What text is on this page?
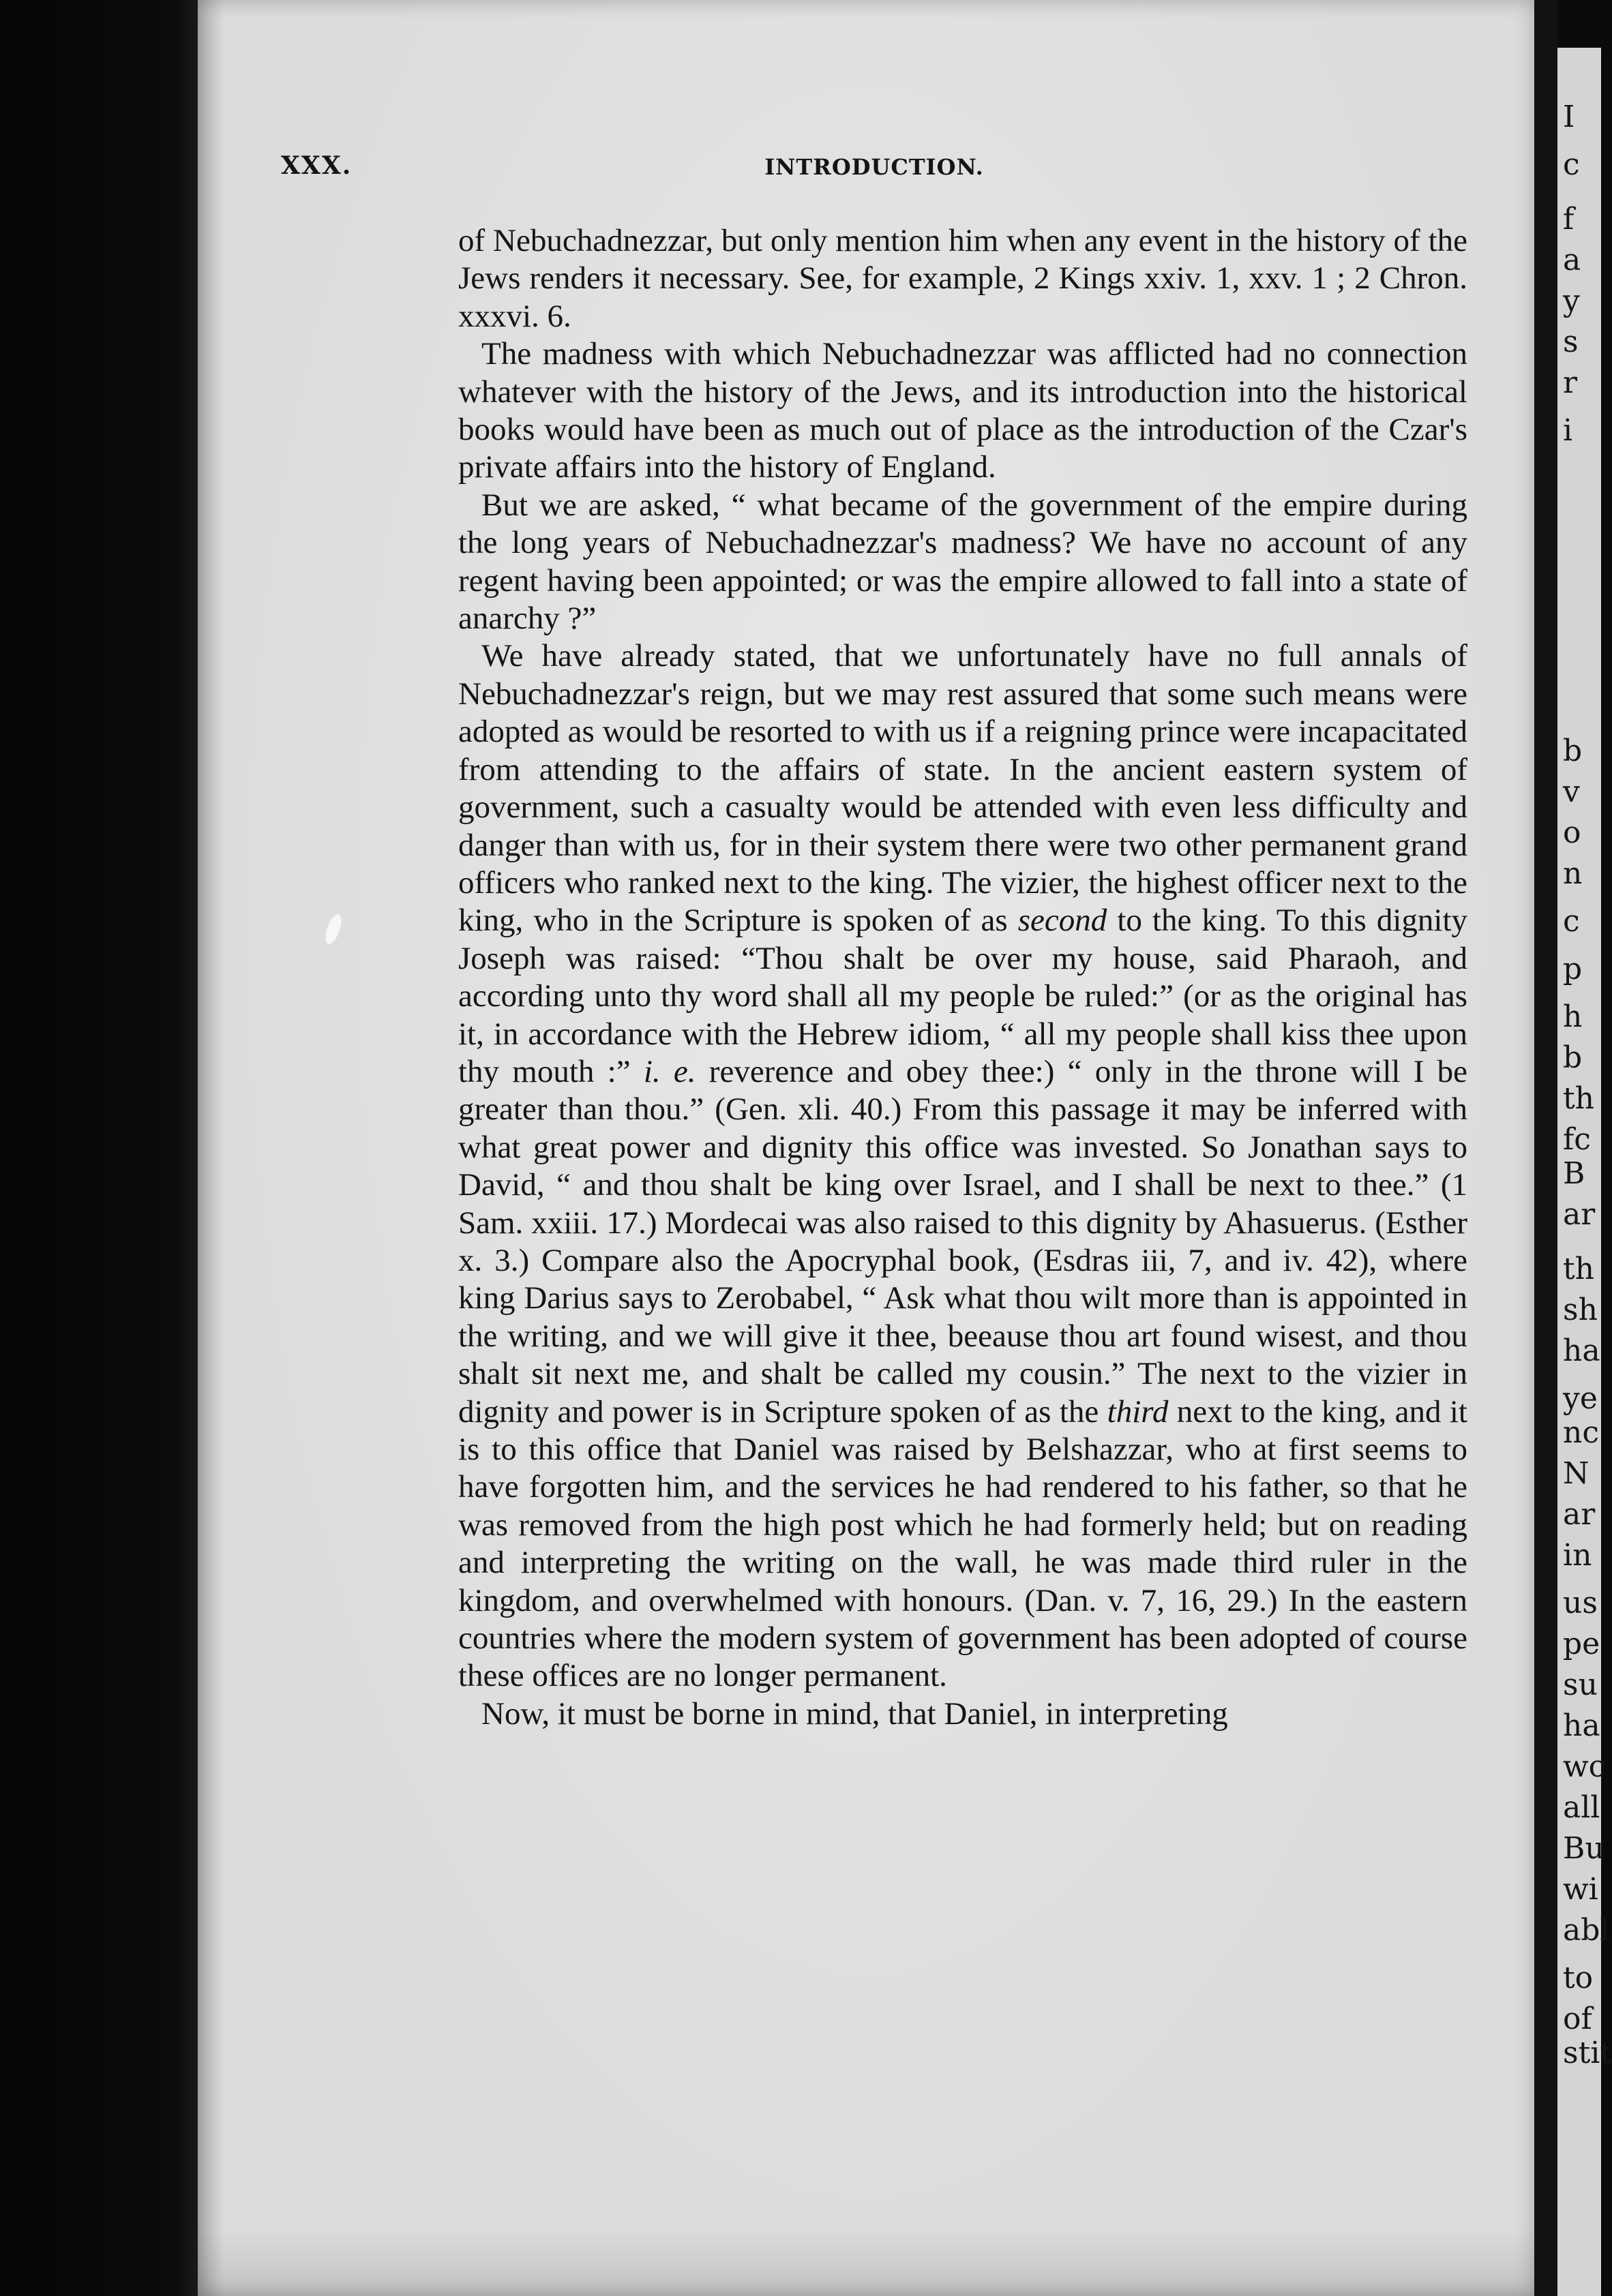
XXX.	INTRODUCTION.

of Nebuchadnezzar, but only mention him when any event in the history of the Jews renders it necessary. See, for example, 2 Kings xxiv. 1, xxv. 1 ; 2 Chron. xxxvi. 6.

The madness with which Nebuchadnezzar was afflicted had no connection whatever with the history of the Jews, and its introduction into the historical books would have been as much out of place as the introduction of the Czar's private affairs into the history of England.

But we are asked, “ what became of the government of the empire during the long years of Nebuchadnezzar's madness? We have no account of any regent having been appointed; or was the empire allowed to fall into a state of anarchy ?”

We have already stated, that we unfortunately have no full annals of Nebuchadnezzar's reign, but we may rest assured that some such means were adopted as would be resorted to with us if a reigning prince were incapacitated from attending to the affairs of state. In the ancient eastern system of government, such a casualty would be attended with even less difficulty and danger than with us, for in their system there were two other permanent grand officers who ranked next to the king. The vizier, the highest officer next to the king, who in the Scripture is spoken of as second to the king. To this dignity Joseph was raised: “Thou shalt be over my house, said Pharaoh, and according unto thy word shall all my people be ruled:” (or as the original has it, in accordance with the Hebrew idiom, “ all my people shall kiss thee upon thy mouth :” i. e. reverence and obey thee:) “ only in the throne will I be greater than thou.” (Gen. xli. 40.) From this passage it may be inferred with what great power and dignity this office was invested. So Jonathan says to David, “ and thou shalt be king over Israel, and I shall be next to thee.” (1 Sam. xxiii. 17.) Mordecai was also raised to this dignity by Ahasuerus. (Esther x. 3.) Compare also the Apocryphal book, (Esdras iii, 7, and iv. 42), where king Darius says to Zerobabel, “ Ask what thou wilt more than is appointed in the writing, and we will give it thee, beeause thou art found wisest, and thou shalt sit next me, and shalt be called my cousin.” The next to the vizier in dignity and power is in Scripture spoken of as the third next to the king, and it is to this office that Daniel was raised by Belshazzar, who at first seems to have forgotten him, and the services he had rendered to his father, so that he was removed from the high post which he had formerly held; but on reading and interpreting the writing on the wall, he was made third ruler in the kingdom, and overwhelmed with honours. (Dan. v. 7, 16, 29.) In the eastern countries where the modern system of government has been adopted of course these offices are no longer permanent.

Now, it must be borne in mind, that Daniel, in interpreting

I
c
f
a
y
s
r
i
b
v
o
n
c
p
h
b
th
fc
B
ar
th
sh
ha
ye
nc
N
ar
in
us
pe
su
ha
wc
all
Bu
wi
abl
to
of
stit
